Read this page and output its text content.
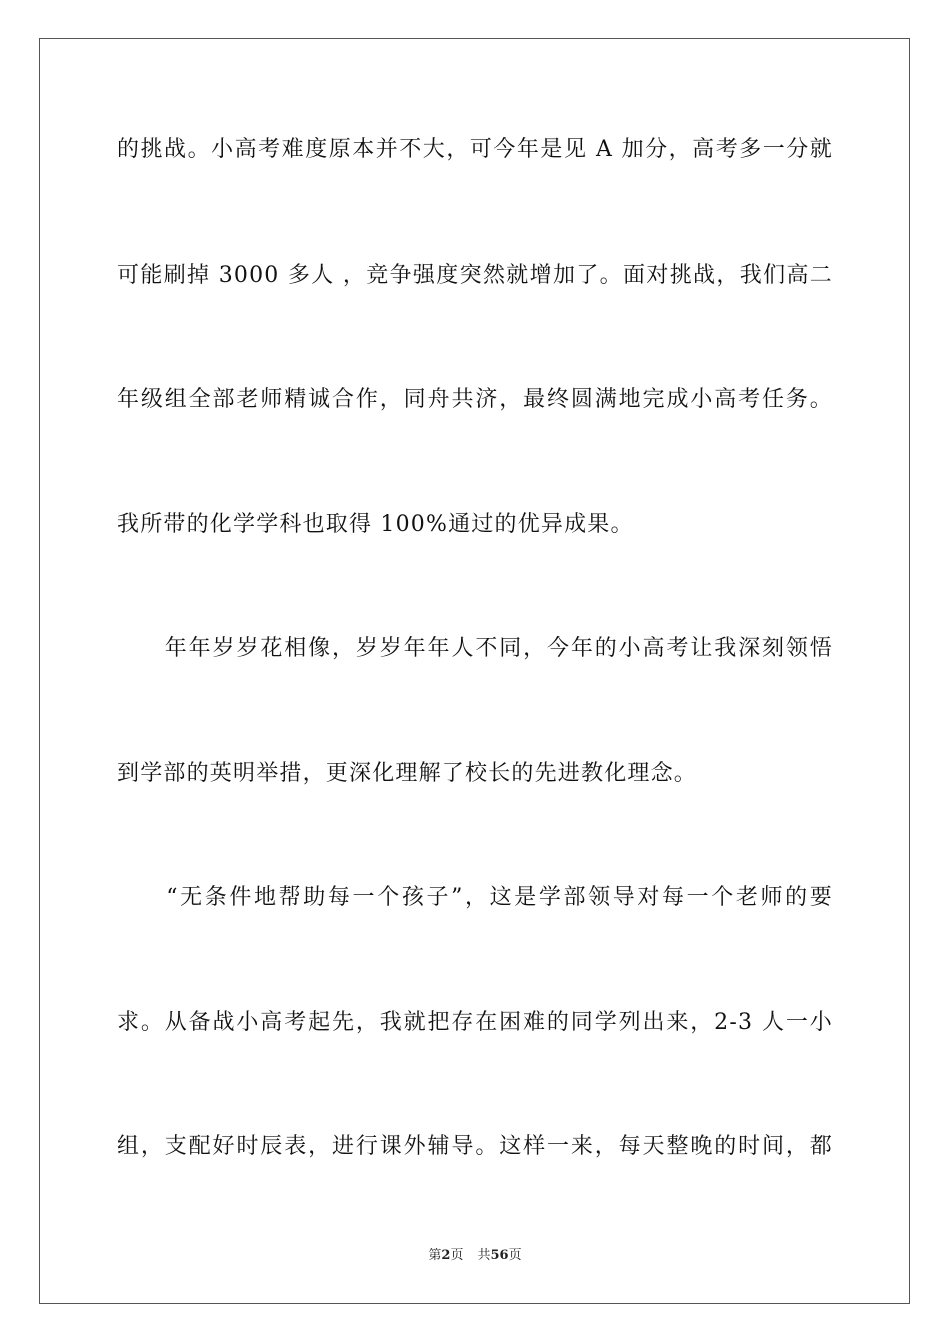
的挑战。小高考难度原本并不大，可今年是见 A 加分，高考多一分就
可能刷掉 3000 多人 ，竞争强度突然就增加了。面对挑战，我们高二
年级组全部老师精诚合作，同舟共济，最终圆满地完成小高考任务。
我所带的化学学科也取得 100%通过的优异成果。
　　年年岁岁花相像，岁岁年年人不同，今年的小高考让我深刻领悟
到学部的英明举措，更深化理解了校长的先进教化理念。
　　“无条件地帮助每一个孩子”，这是学部领导对每一个老师的要
求。从备战小高考起先，我就把存在困难的同学列出来，2-3 人一小
组，支配好时辰表，进行课外辅导。这样一来，每天整晚的时间，都
第2页 共56页
